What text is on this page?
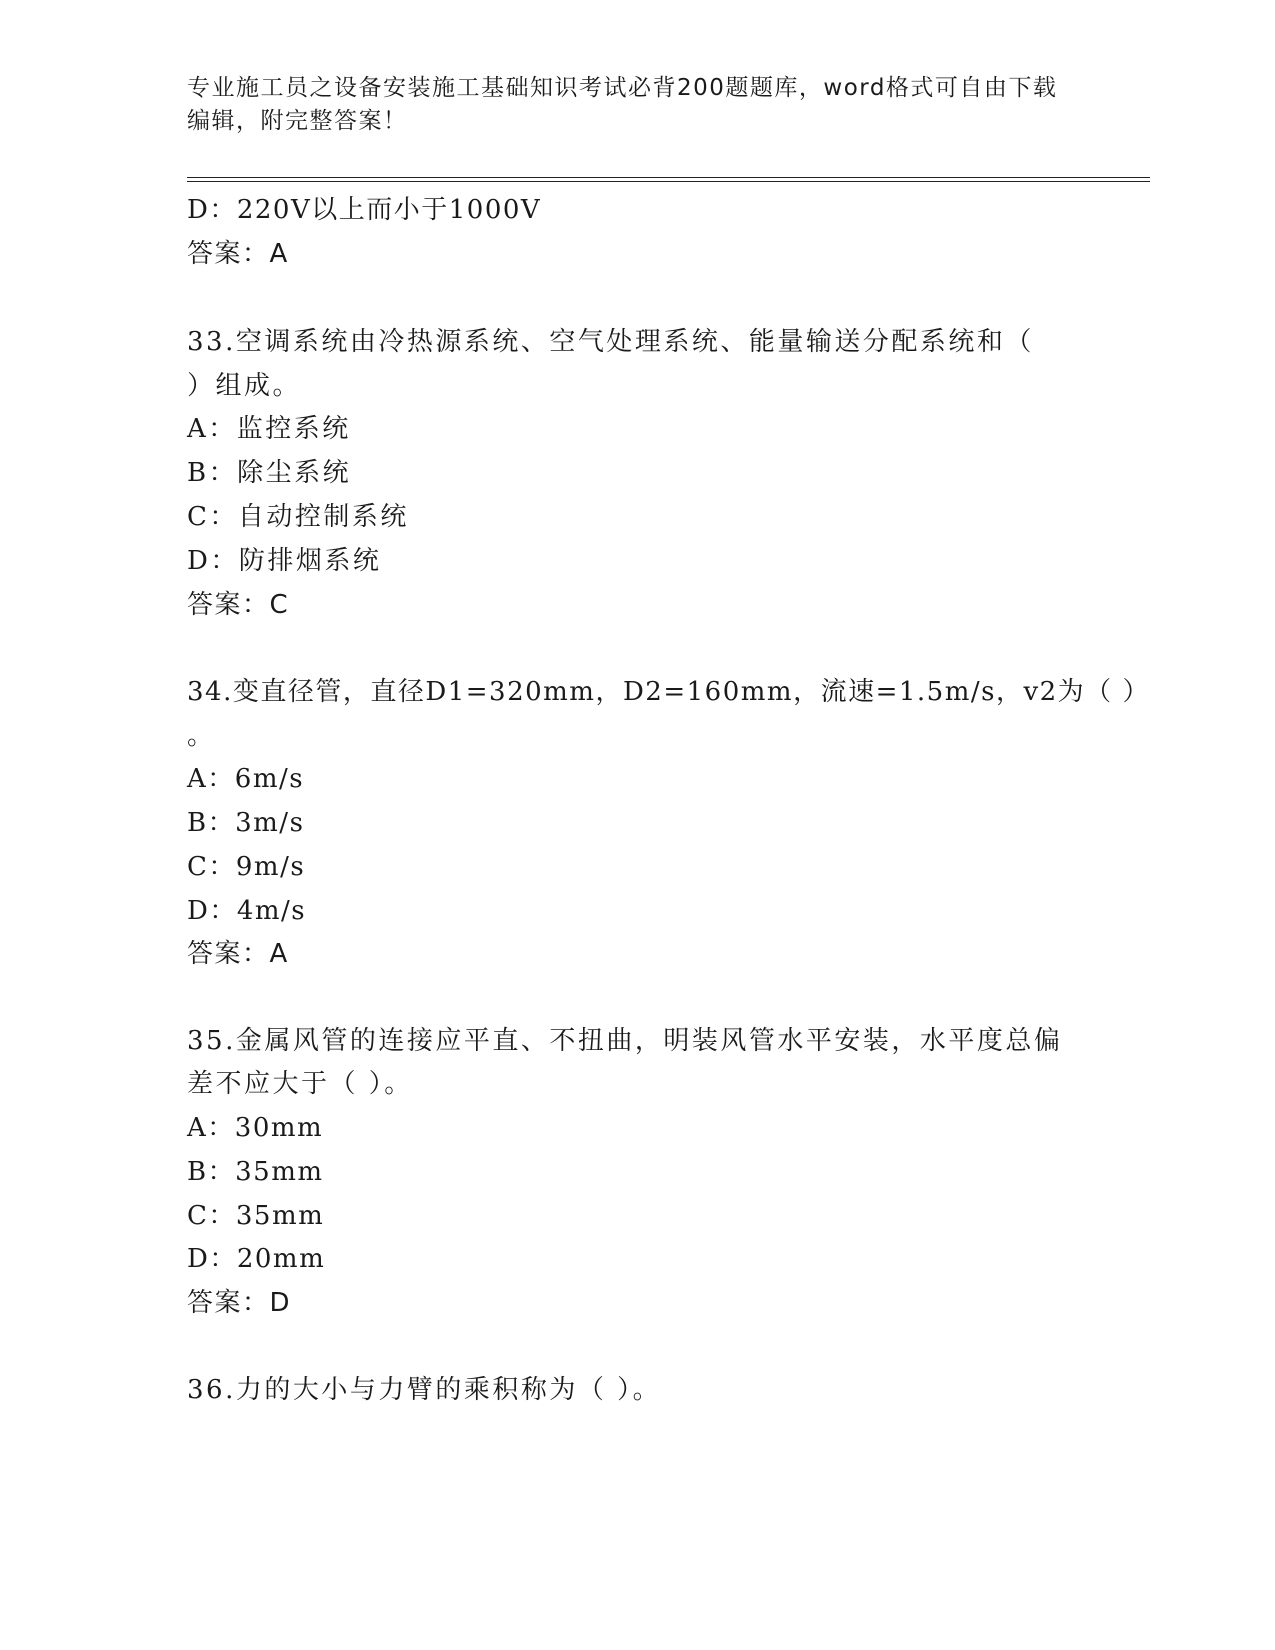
专业施工员之设备安装施工基础知识考试必背200题题库，word格式可自由下载
编辑，附完整答案！
D：220V以上而小于1000V
答案：A
33.空调系统由冷热源系统、空气处理系统、能量输送分配系统和（
）组成。
A：监控系统
B：除尘系统
C：自动控制系统
D：防排烟系统
答案：C
34.变直径管，直径D1=320mm，D2=160mm，流速=1.5m/s，v2为（ ）
。
A：6m/s
B：3m/s
C：9m/s
D：4m/s
答案：A
35.金属风管的连接应平直、不扭曲，明装风管水平安装，水平度总偏
差不应大于（ ）。
A：30mm
B：35mm
C：35mm
D：20mm
答案：D
36.力的大小与力臂的乘积称为（ ）。
